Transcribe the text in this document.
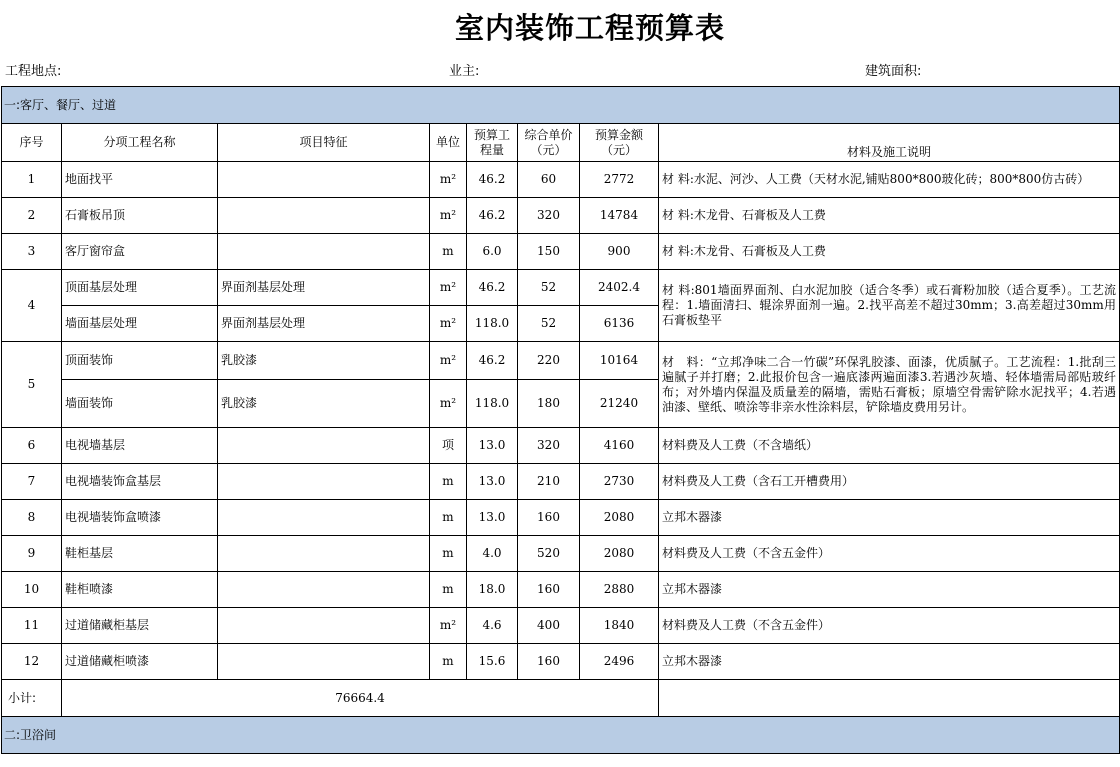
室内装饰工程预算表
工程地点:	业主:	建筑面积:
一:客厅、餐厅、过道							
序号	分项工程名称	项目特征	单位	预算工程量	综合单价（元）	预算金额（元）	材料及施工说明
1	地面找平		m²	46.2	60	2772	材 料:水泥、河沙、人工费（天材水泥,铺贴800*800玻化砖；800*800仿古砖）
2	石膏板吊顶		m²	46.2	320	14784	材 料:木龙骨、石膏板及人工费
3	客厅窗帘盒		m	6.0	150	900	材 料:木龙骨、石膏板及人工费
4	顶面基层处理	界面剂基层处理	m²	46.2	52	2402.4	材 料:801墙面界面剂、白水泥加胶（适合冬季）或石膏粉加胶（适合夏季）。工艺流程：1.墙面清扫、辊涂界面剂一遍。2.找平高差不超过30mm；3.高差超过30mm用石膏板垫平
	墙面基层处理	界面剂基层处理	m²	118.0	52	6136	
5	顶面装饰	乳胶漆	m²	46.2	220	10164	材　料：“立邦净味二合一竹碳”环保乳胶漆、面漆，优质腻子。工艺流程：1.批刮三遍腻子并打磨；2.此报价包含一遍底漆两遍面漆3.若遇沙灰墙、轻体墙需局部贴玻纤布；对外墙内保温及质量差的隔墙，需贴石膏板；原墙空骨需铲除水泥找平；4.若遇油漆、壁纸、喷涂等非亲水性涂料层，铲除墙皮费用另计。
	墙面装饰	乳胶漆	m²	118.0	180	21240	
6	电视墙基层		项	13.0	320	4160	材料费及人工费（不含墙纸）
7	电视墙装饰盒基层		m	13.0	210	2730	材料费及人工费（含石工开槽费用）
8	电视墙装饰盒喷漆		m	13.0	160	2080	立邦木器漆
9	鞋柜基层		m	4.0	520	2080	材料费及人工费（不含五金件）
10	鞋柜喷漆		m	18.0	160	2880	立邦木器漆
11	过道储藏柜基层		m²	4.6	400	1840	材料费及人工费（不含五金件）
12	过道储藏柜喷漆		m	15.6	160	2496	立邦木器漆
小计:	76664.4						
二:卫浴间							
